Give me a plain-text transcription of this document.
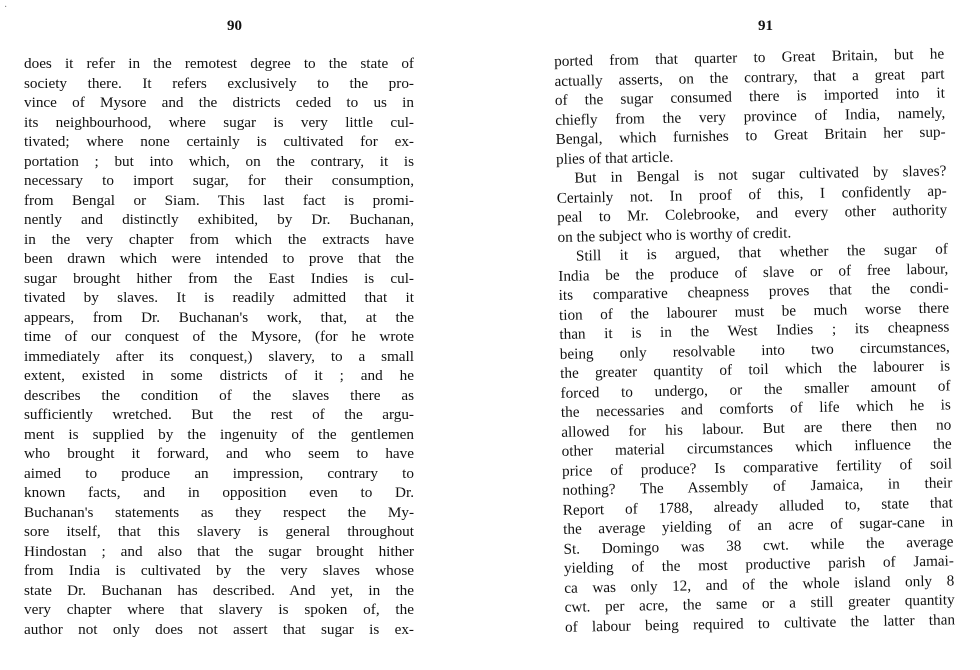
·
90
does it refer in the remotest degree to the state of
society there. It refers exclusively to the pro-
vince of Mysore and the districts ceded to us in
its neighbourhood, where sugar is very little cul-
tivated; where none certainly is cultivated for ex-
portation ; but into which, on the contrary, it is
necessary to import sugar, for their consumption,
from Bengal or Siam. This last fact is promi-
nently and distinctly exhibited, by Dr. Buchanan,
in the very chapter from which the extracts have
been drawn which were intended to prove that the
sugar brought hither from the East Indies is cul-
tivated by slaves. It is readily admitted that it
appears, from Dr. Buchanan's work, that, at the
time of our conquest of the Mysore, (for he wrote
immediately after its conquest,) slavery, to a small
extent, existed in some districts of it ; and he
describes the condition of the slaves there as
sufficiently wretched. But the rest of the argu-
ment is supplied by the ingenuity of the gentlemen
who brought it forward, and who seem to have
aimed to produce an impression, contrary to
known facts, and in opposition even to Dr.
Buchanan's statements as they respect the My-
sore itself, that this slavery is general throughout
Hindostan ; and also that the sugar brought hither
from India is cultivated by the very slaves whose
state Dr. Buchanan has described. And yet, in the
very chapter where that slavery is spoken of, the
author not only does not assert that sugar is ex-
91
ported from that quarter to Great Britain, but he
actually asserts, on the contrary, that a great part
of the sugar consumed there is imported into it
chiefly from the very province of India, namely,
Bengal, which furnishes to Great Britain her sup-
plies of that article.
But in Bengal is not sugar cultivated by slaves?
Certainly not. In proof of this, I confidently ap-
peal to Mr. Colebrooke, and every other authority
on the subject who is worthy of credit.
Still it is argued, that whether the sugar of
India be the produce of slave or of free labour,
its comparative cheapness proves that the condi-
tion of the labourer must be much worse there
than it is in the West Indies ; its cheapness
being only resolvable into two circumstances,
the greater quantity of toil which the labourer is
forced to undergo, or the smaller amount of
the necessaries and comforts of life which he is
allowed for his labour. But are there then no
other material circumstances which influence the
price of produce? Is comparative fertility of soil
nothing? The Assembly of Jamaica, in their
Report of 1788, already alluded to, state that
the average yielding of an acre of sugar-cane in
St. Domingo was 38 cwt. while the average
yielding of the most productive parish of Jamai-
ca was only 12, and of the whole island only 8
cwt. per acre, the same or a still greater quantity
of labour being required to cultivate the latter than
